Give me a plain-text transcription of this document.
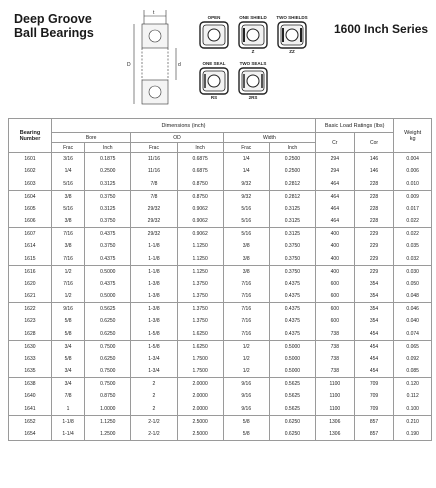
Deep Groove
Ball Bearings	1600 Inch Series
t
D	d
OPEN	ONE SHIELD
Z
TWO SHIELDS
ZZ
ONE SEAL
RS
TWO SEALS
2RS
Bearing Number	Dimensions (inch)						Basic Load Ratings (lbs)		Weight
kg

	Bore		OD		Width		Cr	Cor	
	Frac	Inch	Frac	Inch	Frac	Inch			
1601	3/16	0.1875	11/16	0.6875	1/4	0.2500	294	146	0.004
1602	1/4	0.2500	11/16	0.6875	1/4	0.2500	294	146	0.006
1603	5/16	0.3125	7/8	0.8750	9/32	0.2812	464	228	0.010
1604	3/8	0.3750	7/8	0.8750	9/32	0.2812	464	228	0.009
1605	5/16	0.3125	29/32	0.9062	5/16	0.3125	464	228	0.017
1606	3/8	0.3750	29/32	0.9062	5/16	0.3125	464	228	0.022
1607	7/16	0.4375	29/32	0.9062	5/16	0.3125	400	229	0.022
1614	3/8	0.3750	1-1/8	1.1250	3/8	0.3750	400	229	0.035
1615	7/16	0.4375	1-1/8	1.1250	3/8	0.3750	400	229	0.032
1616	1/2	0.5000	1-1/8	1.1250	3/8	0.3750	400	229	0.030
1620	7/16	0.4375	1-3/8	1.3750	7/16	0.4375	600	354	0.050
1621	1/2	0.5000	1-3/8	1.3750	7/16	0.4375	600	354	0.048
1622	9/16	0.5625	1-3/8	1.3750	7/16	0.4375	600	354	0.046
1623	5/8	0.6250	1-3/8	1.3750	7/16	0.4375	600	354	0.040
1628	5/8	0.6250	1-5/8	1.6250	7/16	0.4375	738	454	0.074
1630	3/4	0.7500	1-5/8	1.6250	1/2	0.5000	738	454	0.065
1633	5/8	0.6250	1-3/4	1.7500	1/2	0.5000	738	454	0.092
1635	3/4	0.7500	1-3/4	1.7500	1/2	0.5000	738	454	0.085
1638	3/4	0.7500	2	2.0000	9/16	0.5625	1100	709	0.120
1640	7/8	0.8750	2	2.0000	9/16	0.5625	1100	709	0.112
1641	1	1.0000	2	2.0000	9/16	0.5625	1100	709	0.100
1652	1-1/8	1.1250	2-1/2	2.5000	5/8	0.6250	1306	857	0.210
1654	1-1/4	1.2500	2-1/2	2.5000	5/8	0.6250	1306	857	0.190
